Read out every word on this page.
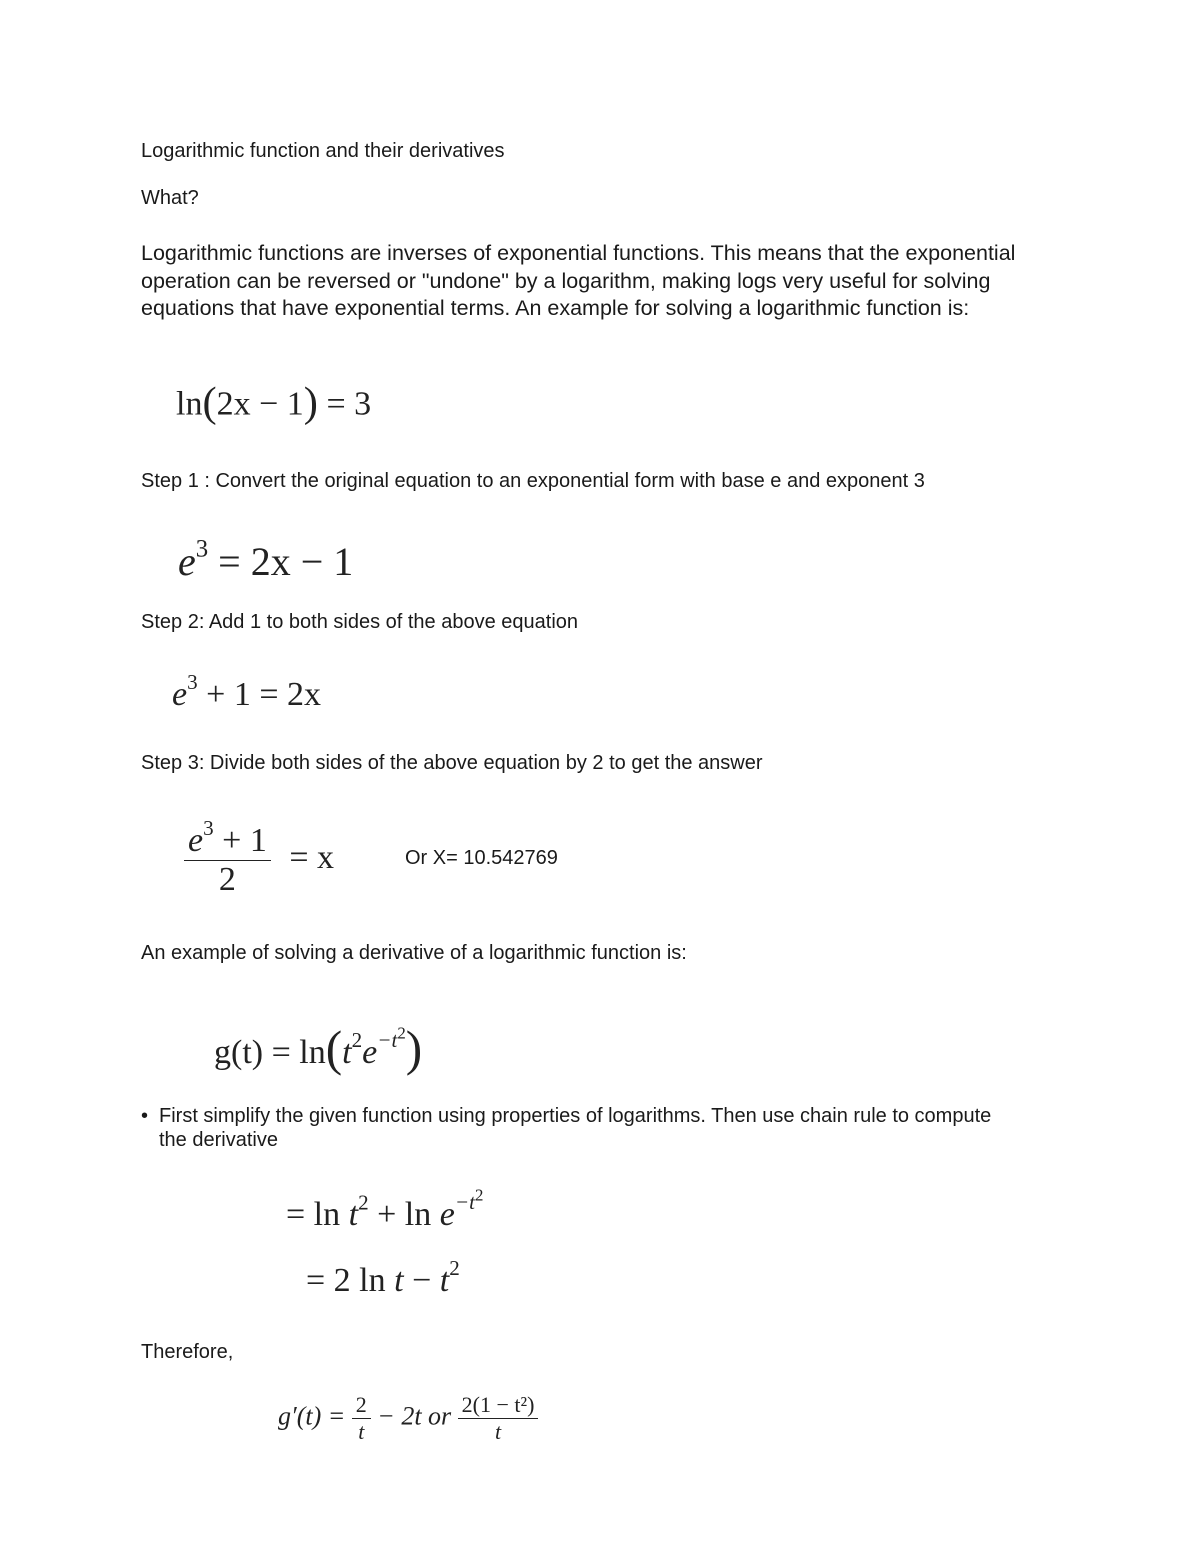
Logarithmic function and their derivatives
What?
Logarithmic functions are inverses of exponential functions. This means that the exponential operation can be reversed or "undone" by a logarithm, making logs very useful for solving equations that have exponential terms. An example for solving a logarithmic function is:
ln(2x − 1) = 3
Step 1 : Convert the original equation to an exponential form with base e and exponent 3
$e^3 = 2x - 1$
Step 2: Add 1 to both sides of the above equation
$e^3 + 1 = 2x$
Step 3: Divide both sides of the above equation by 2 to get the answer
$\frac{e^3 + 1}{2} = x$	Or X= 10.542769
An example of solving a derivative of a logarithmic function is:
$g(t) = \ln(t^2e^{-t^2})$
• First simplify the given function using properties of logarithms. Then use chain rule to compute the derivative
= $\ln t^2 + \ln e^{-t^2}$
= 2 $\ln t - t^2$
Therefore,
$g'(t) = \frac{2}{t} - 2t$ or $\frac{\text{2(1 − t²)}}{t}$
